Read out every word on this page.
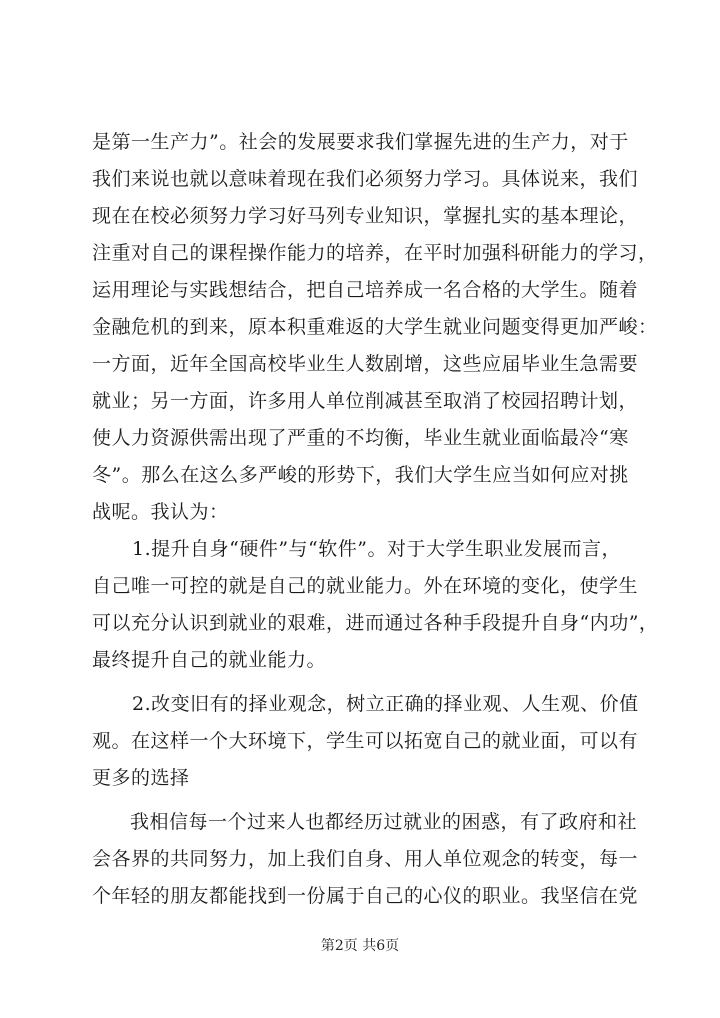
是第一生产力”。社会的发展要求我们掌握先进的生产力，对于
我们来说也就以意味着现在我们必须努力学习。具体说来，我们
现在在校必须努力学习好马列专业知识，掌握扎实的基本理论，
注重对自己的课程操作能力的培养，在平时加强科研能力的学习，
运用理论与实践想结合，把自己培养成一名合格的大学生。随着
金融危机的到来，原本积重难返的大学生就业问题变得更加严峻：
一方面，近年全国高校毕业生人数剧增，这些应届毕业生急需要
就业；另一方面，许多用人单位削减甚至取消了校园招聘计划，
使人力资源供需出现了严重的不均衡，毕业生就业面临最冷“寒
冬”。那么在这么多严峻的形势下，我们大学生应当如何应对挑
战呢。我认为：
1.提升自身“硬件”与“软件”。对于大学生职业发展而言，
自己唯一可控的就是自己的就业能力。外在环境的变化，使学生
可以充分认识到就业的艰难，进而通过各种手段提升自身“内功”，
最终提升自己的就业能力。
2.改变旧有的择业观念，树立正确的择业观、人生观、价值
观。在这样一个大环境下，学生可以拓宽自己的就业面，可以有
更多的选择
我相信每一个过来人也都经历过就业的困惑，有了政府和社
会各界的共同努力，加上我们自身、用人单位观念的转变，每一
个年轻的朋友都能找到一份属于自己的心仪的职业。我坚信在党
第2页 共6页
